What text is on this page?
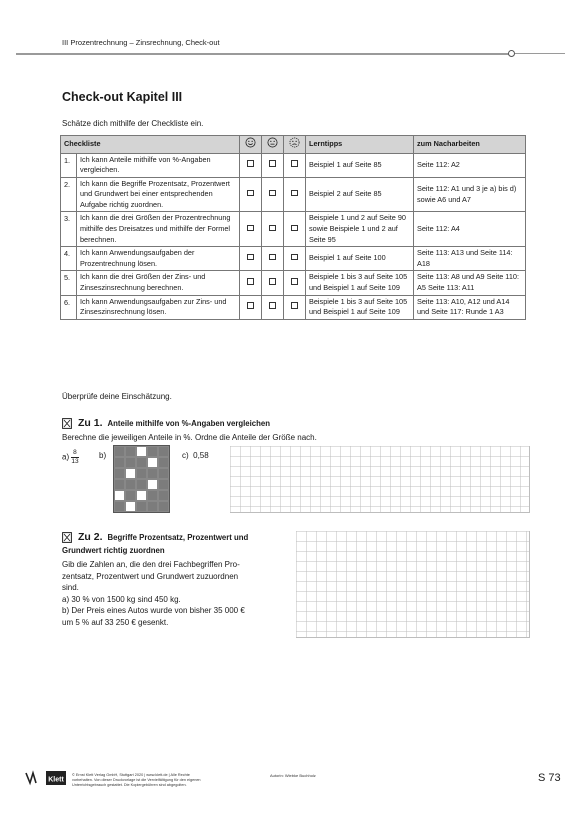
III Prozentrechnung – Zinsrechnung, Check-out
Check-out Kapitel III

Schätze dich mithilfe der Checkliste ein.

Checkliste					Lerntipps	zum Nacharbeiten
1.	Ich kann Anteile mithilfe von %-Angaben vergleichen.				Beispiel 1 auf Seite 85	Seite 112: A2
2.	Ich kann die Begriffe Prozentsatz, Prozentwert und Grundwert bei einer entsprechenden Aufgabe richtig zuordnen.				Beispiel 2 auf Seite 85	Seite 112: A1 und 3 je a) bis d) sowie A6 und A7
3.	Ich kann die drei Größen der Prozentrechnung mithilfe des Dreisatzes und mithilfe der Formel berechnen.				Beispiele 1 und 2 auf Seite 90 sowie Beispiele 1 und 2 auf Seite 95	Seite 112: A4
4.	Ich kann Anwendungsaufgaben der Prozentrechnung lösen.				Beispiel 1 auf Seite 100	Seite 113: A13 und Seite 114: A18
5.	Ich kann die drei Größen der Zins- und Zinseszinsrechnung berechnen.				Beispiele 1 bis 3 auf Seite 105 und Beispiel 1 auf Seite 109	Seite 113: A8 und A9 Seite 110: A5 Seite 113: A11
6.	Ich kann Anwendungsaufgaben zur Zins- und Zinseszinsrechnung lösen.				Beispiele 1 bis 3 auf Seite 105 und Beispiel 1 auf Seite 109	Seite 113: A10, A12 und A14 und Seite 117: Runde 1 A3

Überprüfe deine Einschätzung.

Zu 1. Anteile mithilfe von %-Angaben vergleichen
Berechne die jeweiligen Anteile in %. Ordne die Anteile der Größe nach.
$a) \frac{8}{13}$	b)	c) 0,58
Zu 2. Begriffe Prozentsatz, Prozentwert und
Grundwert richtig zuordnen
Gib die Zahlen an, die den drei Fachbegriffen Pro-
zentsatz, Prozentwert und Grundwert zuzuordnen
sind.
a) 30 % von 1500 kg sind 450 kg.
b) Der Preis eines Autos wurde von bisher 35 000 €
um 5 % auf 33 250 € gesenkt.
Klett
© Ernst Klett Verlag GmbH, Stuttgart 2020 | www.klett.de | Alle Rechte
vorbehalten. Von dieser Druckvorlage ist die Vervielfältigung für den eigenen
Unterrichtsgebrauch gestattet. Die Kopiergebühren sind abgegolten.
Autorin: Wiebke Buchholz	S 73
